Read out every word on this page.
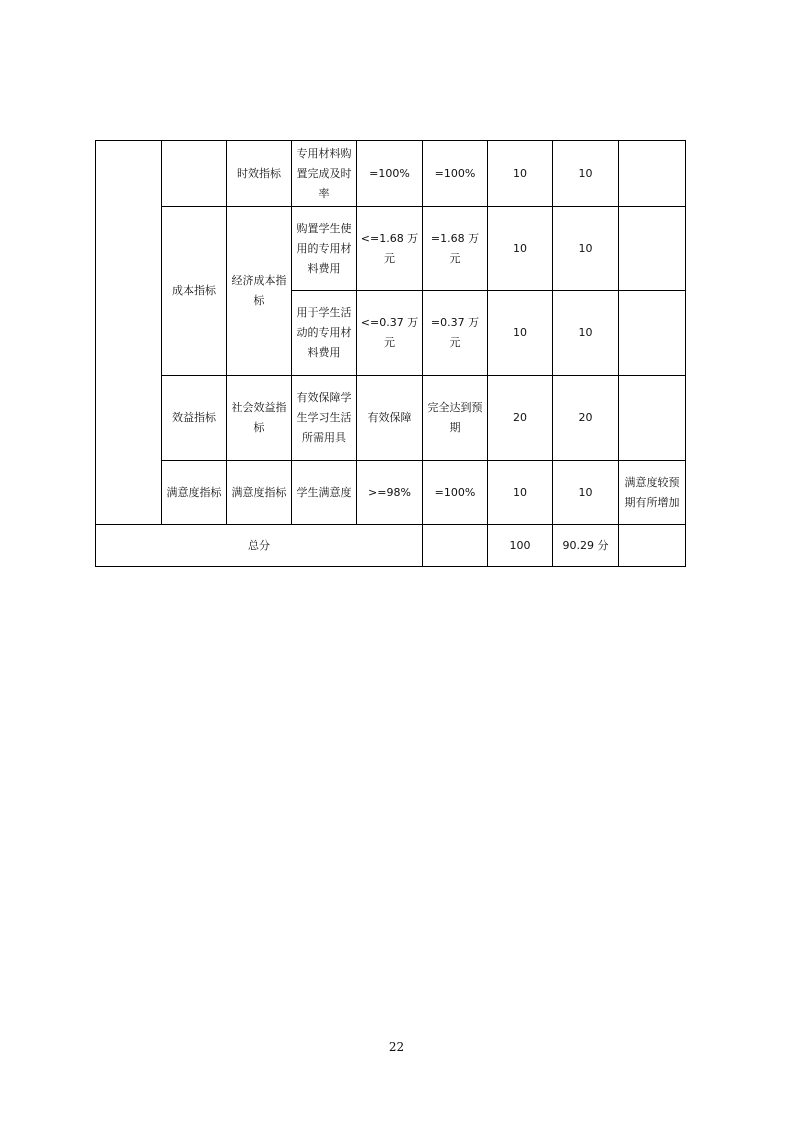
		时效指标	专用材料购置完成及时率	=100%	=100%	10	10	
	成本指标	经济成本指标	购置学生使用的专用材料费用	<=1.68 万元	=1.68 万元	10	10	
			用于学生活动的专用材料费用	<=0.37 万元	=0.37 万元	10	10	
	效益指标	社会效益指标	有效保障学生学习生活所需用具	有效保障	完全达到预期	20	20	
	满意度指标	满意度指标	学生满意度	>=98%	=100%	10	10	满意度较预期有所增加
总分						100	90.29 分	
22
